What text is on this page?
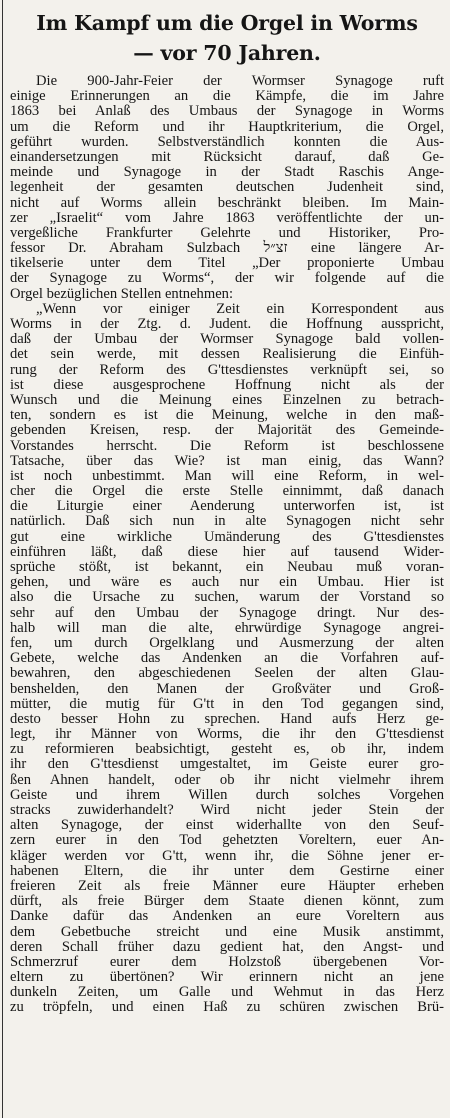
Im Kampf um die Orgel in Worms
— vor 70 Jahren.
Die 900-Jahr-Feier der Wormser Synagoge ruft
einige Erinnerungen an die Kämpfe, die im Jahre
1863 bei Anlaß des Umbaus der Synagoge in Worms
um die Reform und ihr Hauptkriterium, die Orgel,
geführt wurden. Selbstverständlich konnten die Aus-
einandersetzungen mit Rücksicht darauf, daß Ge-
meinde und Synagoge in der Stadt Raschis Ange-
legenheit der gesamten deutschen Judenheit sind,
nicht auf Worms allein beschränkt bleiben. Im Main-
zer „Israelit“ vom Jahre 1863 veröffentlichte der un-
vergeßliche Frankfurter Gelehrte und Historiker, Pro-
fessor Dr. Abraham Sulzbach זצ״ל eine längere Ar-
tikelserie unter dem Titel „Der proponierte Umbau
der Synagoge zu Worms“, der wir folgende auf die
Orgel bezüglichen Stellen entnehmen:
„Wenn vor einiger Zeit ein Korrespondent aus
Worms in der Ztg. d. Judent. die Hoffnung ausspricht,
daß der Umbau der Wormser Synagoge bald vollen-
det sein werde, mit dessen Realisierung die Einfüh-
rung der Reform des G'ttesdienstes verknüpft sei, so
ist diese ausgesprochene Hoffnung nicht als der
Wunsch und die Meinung eines Einzelnen zu betrach-
ten, sondern es ist die Meinung, welche in den maß-
gebenden Kreisen, resp. der Majorität des Gemeinde-
Vorstandes herrscht. Die Reform ist beschlossene
Tatsache, über das Wie? ist man einig, das Wann?
ist noch unbestimmt. Man will eine Reform, in wel-
cher die Orgel die erste Stelle einnimmt, daß danach
die Liturgie einer Aenderung unterworfen ist, ist
natürlich. Daß sich nun in alte Synagogen nicht sehr
gut eine wirkliche Umänderung des G'ttesdienstes
einführen läßt, daß diese hier auf tausend Wider-
sprüche stößt, ist bekannt, ein Neubau muß voran-
gehen, und wäre es auch nur ein Umbau. Hier ist
also die Ursache zu suchen, warum der Vorstand so
sehr auf den Umbau der Synagoge dringt. Nur des-
halb will man die alte, ehrwürdige Synagoge angrei-
fen, um durch Orgelklang und Ausmerzung der alten
Gebete, welche das Andenken an die Vorfahren auf-
bewahren, den abgeschiedenen Seelen der alten Glau-
benshelden, den Manen der Großväter und Groß-
mütter, die mutig für G'tt in den Tod gegangen sind,
desto besser Hohn zu sprechen. Hand aufs Herz ge-
legt, ihr Männer von Worms, die ihr den G'ttesdienst
zu reformieren beabsichtigt, gesteht es, ob ihr, indem
ihr den G'ttesdienst umgestaltet, im Geiste eurer gro-
ßen Ahnen handelt, oder ob ihr nicht vielmehr ihrem
Geiste und ihrem Willen durch solches Vorgehen
stracks zuwiderhandelt? Wird nicht jeder Stein der
alten Synagoge, der einst widerhallte von den Seuf-
zern eurer in den Tod gehetzten Voreltern, euer An-
kläger werden vor G'tt, wenn ihr, die Söhne jener er-
habenen Eltern, die ihr unter dem Gestirne einer
freieren Zeit als freie Männer eure Häupter erheben
dürft, als freie Bürger dem Staate dienen könnt, zum
Danke dafür das Andenken an eure Voreltern aus
dem Gebetbuche streicht und eine Musik anstimmt,
deren Schall früher dazu gedient hat, den Angst- und
Schmerzruf eurer dem Holzstoß übergebenen Vor-
eltern zu übertönen? Wir erinnern nicht an jene
dunkeln Zeiten, um Galle und Wehmut in das Herz
zu tröpfeln, und einen Haß zu schüren zwischen Brü-
